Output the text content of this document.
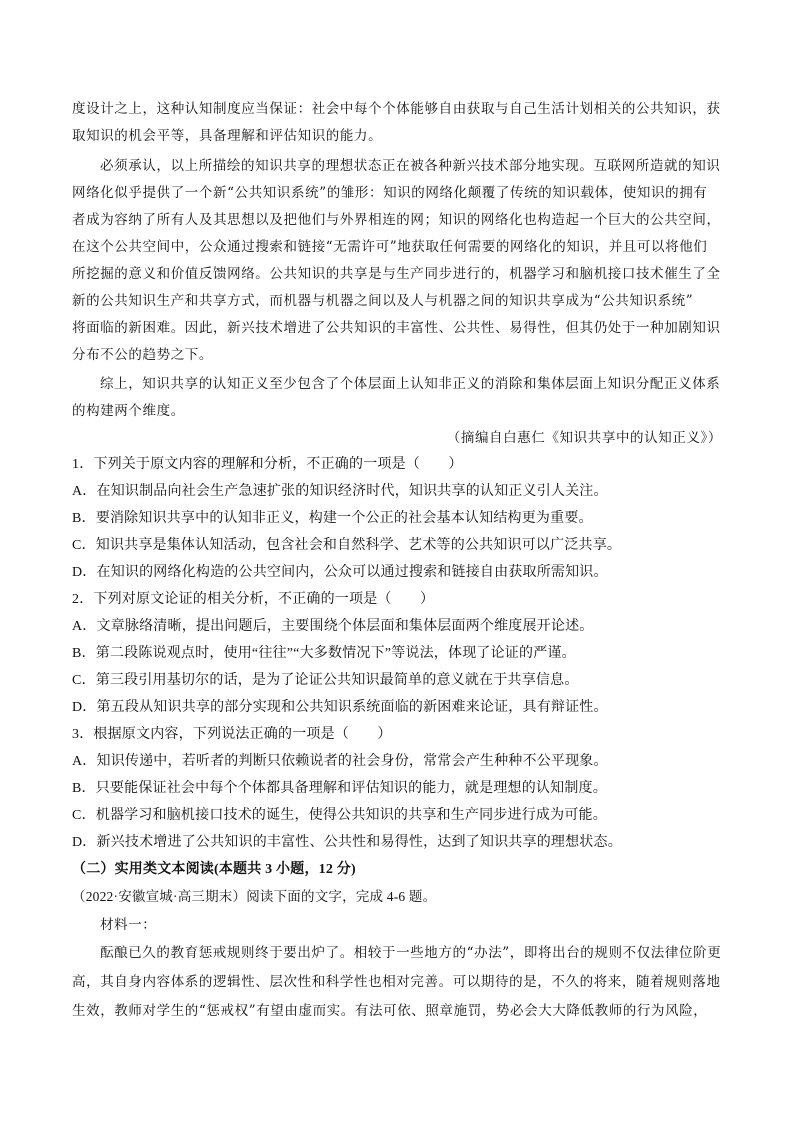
度设计之上，这种认知制度应当保证：社会中每个个体能够自由获取与自己生活计划相关的公共知识，获
取知识的机会平等，具备理解和评估知识的能力。
必须承认，以上所描绘的知识共享的理想状态正在被各种新兴技术部分地实现。互联网所造就的知识
网络化似乎提供了一个新“公共知识系统”的雏形：知识的网络化颠覆了传统的知识载体，使知识的拥有
者成为容纳了所有人及其思想以及把他们与外界相连的网；知识的网络化也构造起一个巨大的公共空间，
在这个公共空间中，公众通过搜索和链接“无需许可”地获取任何需要的网络化的知识，并且可以将他们
所挖掘的意义和价值反馈网络。公共知识的共享是与生产同步进行的，机器学习和脑机接口技术催生了全
新的公共知识生产和共享方式，而机器与机器之间以及人与机器之间的知识共享成为“公共知识系统”
将面临的新困难。因此，新兴技术增进了公共知识的丰富性、公共性、易得性，但其仍处于一种加剧知识
分布不公的趋势之下。
综上，知识共享的认知正义至少包含了个体层面上认知非正义的消除和集体层面上知识分配正义体系
的构建两个维度。
（摘编自白惠仁《知识共享中的认知正义》）
1．下列关于原文内容的理解和分析，不正确的一项是（　　）
A．在知识制品向社会生产急速扩张的知识经济时代，知识共享的认知正义引人关注。
B．要消除知识共享中的认知非正义，构建一个公正的社会基本认知结构更为重要。
C．知识共享是集体认知活动，包含社会和自然科学、艺术等的公共知识可以广泛共享。
D．在知识的网络化构造的公共空间内，公众可以通过搜索和链接自由获取所需知识。
2．下列对原文论证的相关分析，不正确的一项是（　　）
A．文章脉络清晰，提出问题后，主要围绕个体层面和集体层面两个维度展开论述。
B．第二段陈说观点时，使用“往往”“大多数情况下”等说法，体现了论证的严谨。
C．第三段引用基切尔的话，是为了论证公共知识最简单的意义就在于共享信息。
D．第五段从知识共享的部分实现和公共知识系统面临的新困难来论证，具有辩证性。
3．根据原文内容，下列说法正确的一项是（　　）
A．知识传递中，若听者的判断只依赖说者的社会身份，常常会产生种种不公平现象。
B．只要能保证社会中每个个体都具备理解和评估知识的能力，就是理想的认知制度。
C．机器学习和脑机接口技术的诞生，使得公共知识的共享和生产同步进行成为可能。
D．新兴技术增进了公共知识的丰富性、公共性和易得性，达到了知识共享的理想状态。
（二）实用类文本阅读(本题共 3 小题，12 分)
（2022·安徽宣城·高三期末）阅读下面的文字，完成 4-6 题。
材料一：
酝酿已久的教育惩戒规则终于要出炉了。相较于一些地方的“办法”，即将出台的规则不仅法律位阶更
高，其自身内容体系的逻辑性、层次性和科学性也相对完善。可以期待的是，不久的将来，随着规则落地
生效，教师对学生的“惩戒权”有望由虚而实。有法可依、照章施罚，势必会大大降低教师的行为风险，
